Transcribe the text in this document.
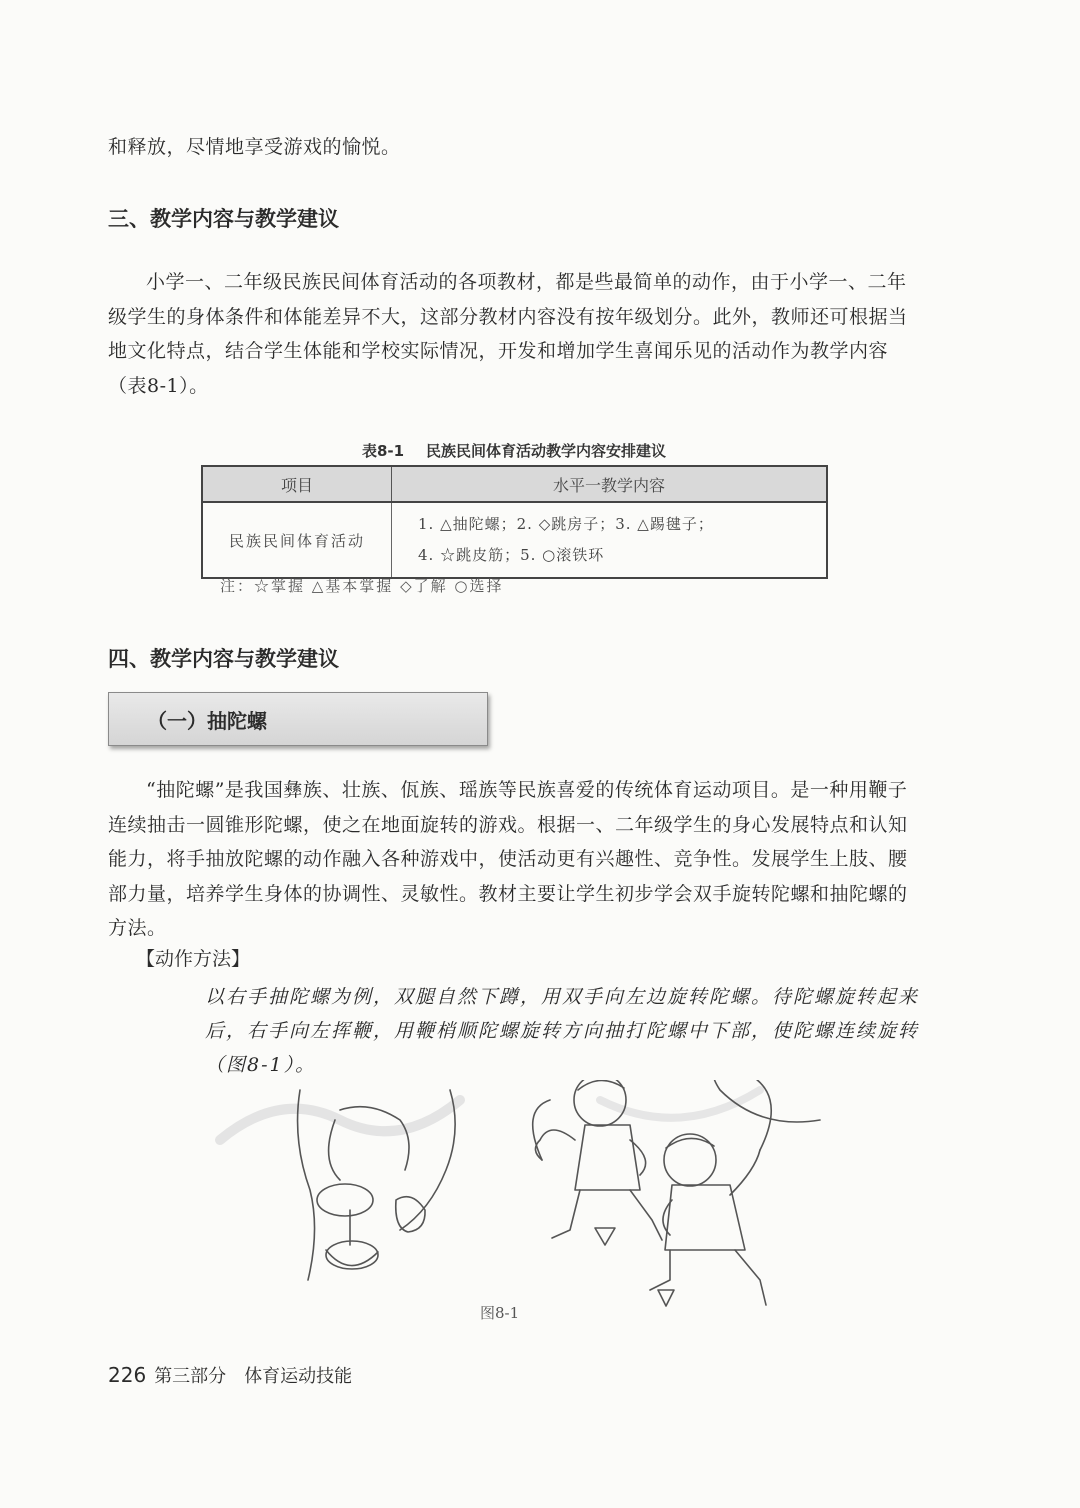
和释放，尽情地享受游戏的愉悦。

三、教学内容与教学建议

小学一、二年级民族民间体育活动的各项教材，都是些最简单的动作，由于小学一、二年级学生的身体条件和体能差异不大，这部分教材内容没有按年级划分。此外，教师还可根据当地文化特点，结合学生体能和学校实际情况，开发和增加学生喜闻乐见的活动作为教学内容（表8-1）。

表8-1 民族民间体育活动教学内容安排建议
项目	水平一教学内容
民族民间体育活动	1. △抽陀螺；2. ◇跳房子；3. △踢毽子；
4. ☆跳皮筋；5. ○滚铁环
注：☆掌握 △基本掌握 ◇了解 ○选择
四、教学内容与教学建议
（一）抽陀螺

“抽陀螺”是我国彝族、壮族、佤族、瑶族等民族喜爱的传统体育运动项目。是一种用鞭子连续抽击一圆锥形陀螺，使之在地面旋转的游戏。根据一、二年级学生的身心发展特点和认知能力，将手抽放陀螺的动作融入各种游戏中，使活动更有兴趣性、竞争性。发展学生上肢、腰部力量，培养学生身体的协调性、灵敏性。教材主要让学生初步学会双手旋转陀螺和抽陀螺的方法。

【动作方法】

以右手抽陀螺为例，双腿自然下蹲，用双手向左边旋转陀螺。待陀螺旋转起来后，右手向左挥鞭，用鞭梢顺陀螺旋转方向抽打陀螺中下部，使陀螺连续旋转（图8-1）。

图8-1
226 第三部分 体育运动技能
